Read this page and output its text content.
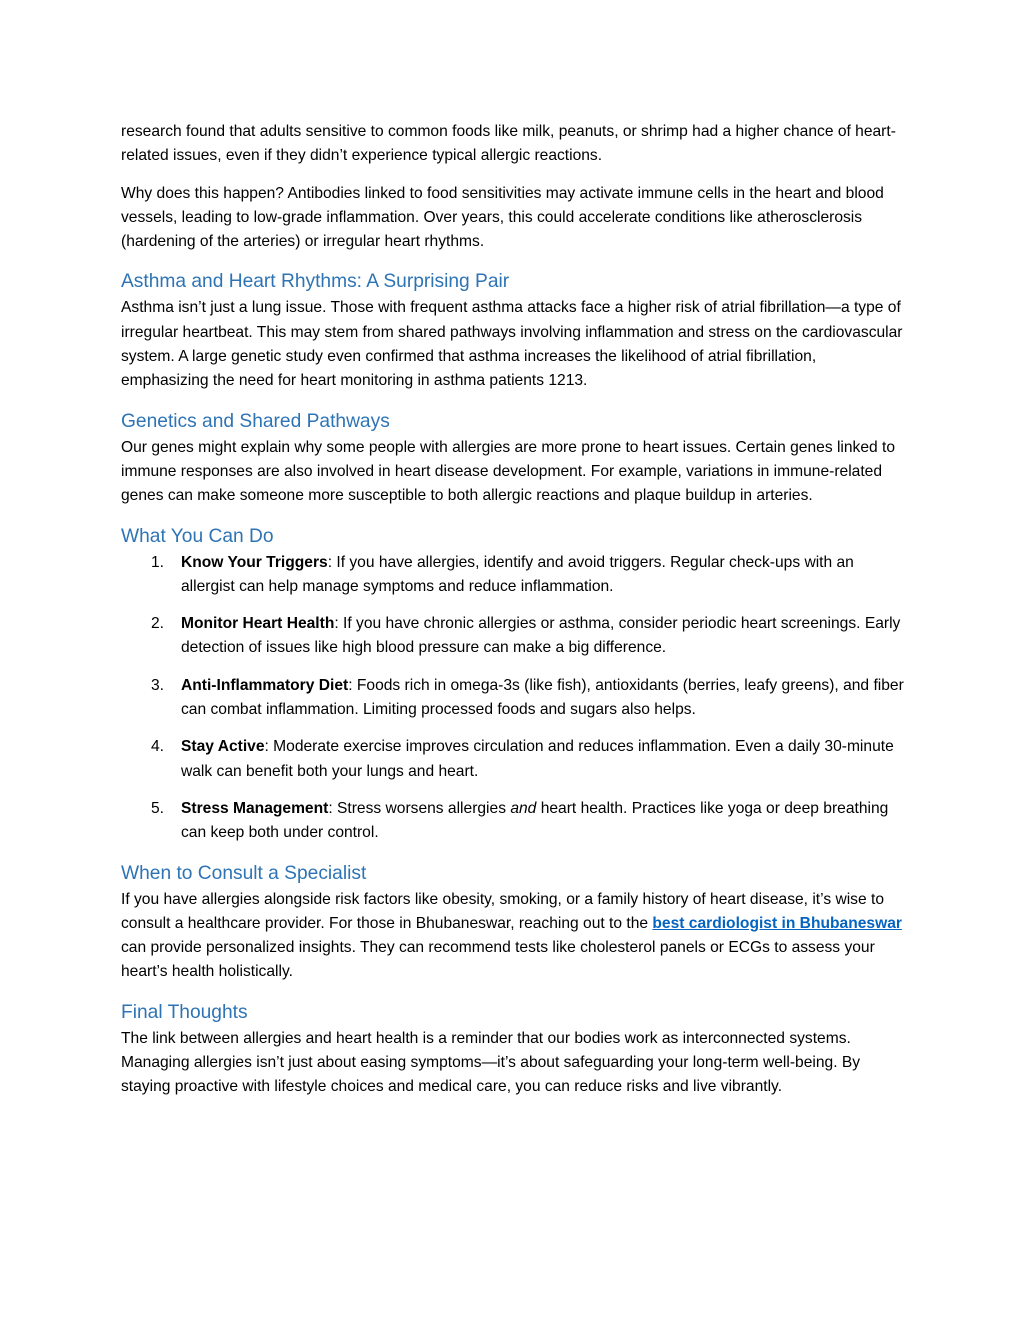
research found that adults sensitive to common foods like milk, peanuts, or shrimp had a higher chance of heart-related issues, even if they didn’t experience typical allergic reactions.

Why does this happen? Antibodies linked to food sensitivities may activate immune cells in the heart and blood vessels, leading to low-grade inflammation. Over years, this could accelerate conditions like atherosclerosis (hardening of the arteries) or irregular heart rhythms.

Asthma and Heart Rhythms: A Surprising Pair

Asthma isn’t just a lung issue. Those with frequent asthma attacks face a higher risk of atrial fibrillation—a type of irregular heartbeat. This may stem from shared pathways involving inflammation and stress on the cardiovascular system. A large genetic study even confirmed that asthma increases the likelihood of atrial fibrillation, emphasizing the need for heart monitoring in asthma patients 1213.

Genetics and Shared Pathways

Our genes might explain why some people with allergies are more prone to heart issues. Certain genes linked to immune responses are also involved in heart disease development. For example, variations in immune-related genes can make someone more susceptible to both allergic reactions and plaque buildup in arteries.

What You Can Do
1. Know Your Triggers: If you have allergies, identify and avoid triggers. Regular check-ups with an allergist can help manage symptoms and reduce inflammation.
2. Monitor Heart Health: If you have chronic allergies or asthma, consider periodic heart screenings. Early detection of issues like high blood pressure can make a big difference.
3. Anti-Inflammatory Diet: Foods rich in omega-3s (like fish), antioxidants (berries, leafy greens), and fiber can combat inflammation. Limiting processed foods and sugars also helps.
4. Stay Active: Moderate exercise improves circulation and reduces inflammation. Even a daily 30-minute walk can benefit both your lungs and heart.
5. Stress Management: Stress worsens allergies and heart health. Practices like yoga or deep breathing can keep both under control.
When to Consult a Specialist

If you have allergies alongside risk factors like obesity, smoking, or a family history of heart disease, it’s wise to consult a healthcare provider. For those in Bhubaneswar, reaching out to the best cardiologist in Bhubaneswar can provide personalized insights. They can recommend tests like cholesterol panels or ECGs to assess your heart’s health holistically.

Final Thoughts

The link between allergies and heart health is a reminder that our bodies work as interconnected systems. Managing allergies isn’t just about easing symptoms—it’s about safeguarding your long-term well-being. By staying proactive with lifestyle choices and medical care, you can reduce risks and live vibrantly.
